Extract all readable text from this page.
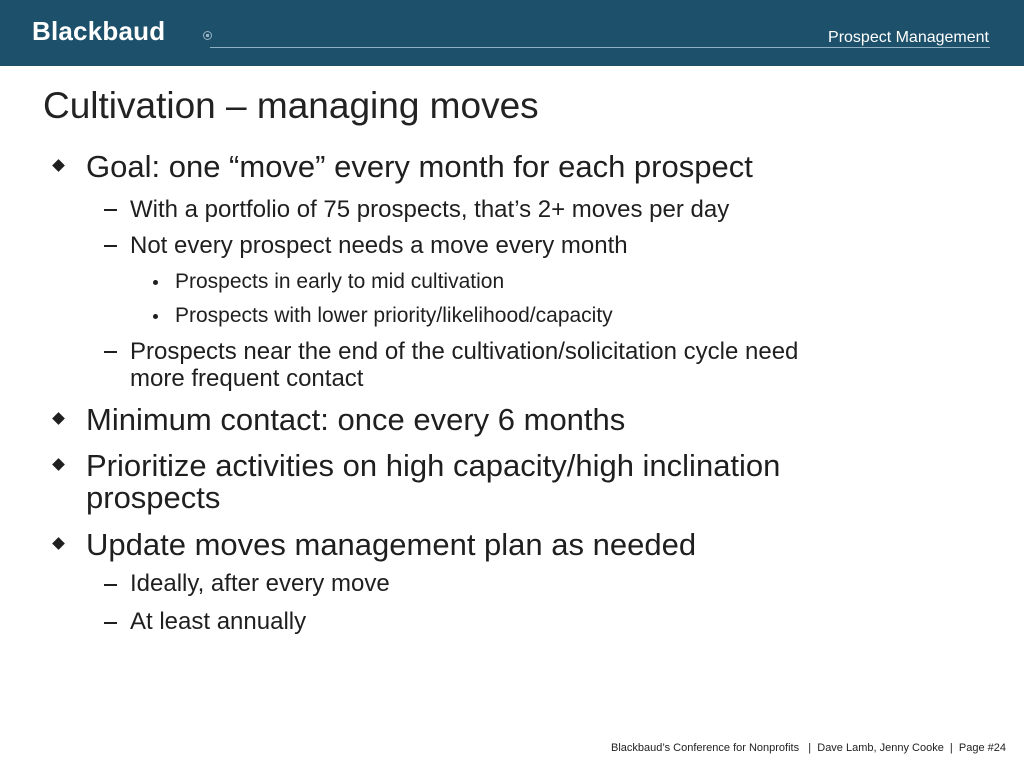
Blackbaud	Prospect Management
Cultivation – managing moves
Goal: one “move” every month for each prospect
With a portfolio of 75 prospects, that’s 2+ moves per day
Not every prospect needs a move every month
Prospects in early to mid cultivation
Prospects with lower priority/likelihood/capacity
Prospects near the end of the cultivation/solicitation cycle need
more frequent contact
Minimum contact: once every 6 months
Prioritize activities on high capacity/high inclination
prospects
Update moves management plan as needed
Ideally, after every move
At least annually
Blackbaud’s Conference for Nonprofits   |  Dave Lamb, Jenny Cooke  |  Page #24
